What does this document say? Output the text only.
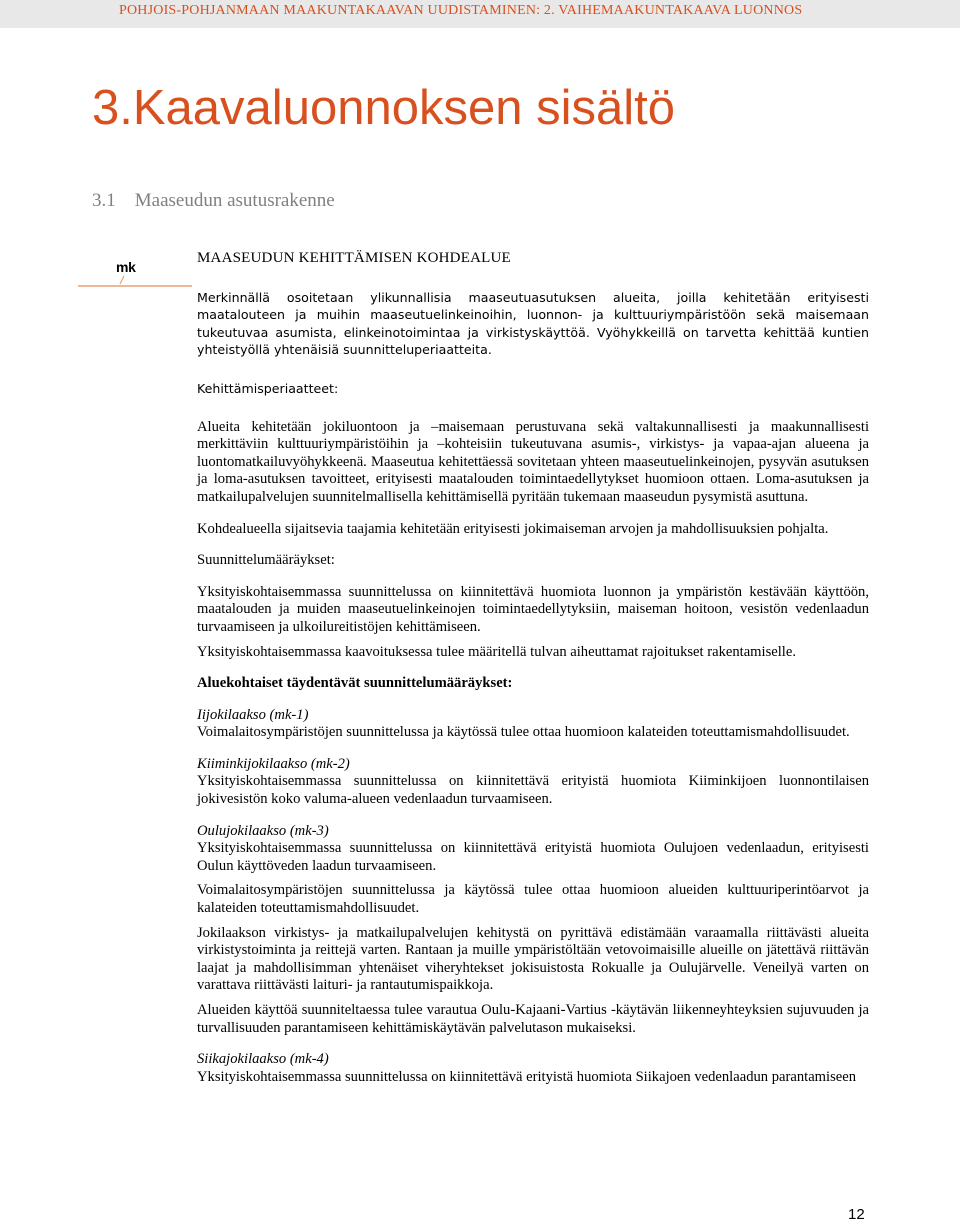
POHJOIS-POHJANMAAN MAAKUNTAKAAVAN UUDISTAMINEN: 2. VAIHEMAAKUNTAKAAVA LUONNOS
3.Kaavaluonnoksen sisältö
3.1 Maaseudun asutusrakenne
mk

MAASEUDUN KEHITTÄMISEN KOHDEALUE

Merkinnällä osoitetaan ylikunnallisia maaseutuasutuksen alueita, joilla kehitetään erityisesti maatalouteen ja muihin maaseutuelinkeinoihin, luonnon- ja kulttuuriympäristöön sekä maisemaan tukeutuvaa asumista, elinkeinotoimintaa ja virkistyskäyttöä. Vyöhykkeillä on tarvetta kehittää kuntien yhteistyöllä yhtenäisiä suunnitteluperiaatteita.

Kehittämisperiaatteet:

Alueita kehitetään jokiluontoon ja –maisemaan perustuvana sekä valtakunnallisesti ja maakunnallisesti merkittäviin kulttuuriympäristöihin ja –kohteisiin tukeutuvana asumis-, virkistys- ja vapaa-ajan alueena ja luontomatkailuvyöhykkeenä. Maaseutua kehitettäessä sovitetaan yhteen maaseutuelinkeinojen, pysyvän asutuksen ja loma-asutuksen tavoitteet, erityisesti maatalouden toimintaedellytykset huomioon ottaen. Loma-asutuksen ja matkailupalvelujen suunnitelmallisella kehittämisellä pyritään tukemaan maaseudun pysymistä asuttuna.

Kohdealueella sijaitsevia taajamia kehitetään erityisesti jokimaiseman arvojen ja mahdollisuuksien pohjalta.

Suunnittelumääräykset:

Yksityiskohtaisemmassa suunnittelussa on kiinnitettävä huomiota luonnon ja ympäristön kestävään käyttöön, maatalouden ja muiden maaseutuelinkeinojen toimintaedellytyksiin, maiseman hoitoon, vesistön vedenlaadun turvaamiseen ja ulkoilureitistöjen kehittämiseen.

Yksityiskohtaisemmassa kaavoituksessa tulee määritellä tulvan aiheuttamat rajoitukset rakentamiselle.

Aluekohtaiset täydentävät suunnittelumääräykset:

Iijokilaakso (mk-1)

Voimalaitosympäristöjen suunnittelussa ja käytössä tulee ottaa huomioon kalateiden toteuttamismahdollisuudet.

Kiiminkijokilaakso (mk-2)

Yksityiskohtaisemmassa suunnittelussa on kiinnitettävä erityistä huomiota Kiiminkijoen luonnontilaisen jokivesistön koko valuma-alueen vedenlaadun turvaamiseen.

Oulujokilaakso (mk-3)

Yksityiskohtaisemmassa suunnittelussa on kiinnitettävä erityistä huomiota Oulujoen vedenlaadun, erityisesti Oulun käyttöveden laadun turvaamiseen.

Voimalaitosympäristöjen suunnittelussa ja käytössä tulee ottaa huomioon alueiden kulttuuriperintöarvot ja kalateiden toteuttamismahdollisuudet.

Jokilaakson virkistys- ja matkailupalvelujen kehitystä on pyrittävä edistämään varaamalla riittävästi alueita virkistystoiminta ja reittejä varten. Rantaan ja muille ympäristöltään vetovoimaisille alueille on jätettävä riittävän laajat ja mahdollisimman yhtenäiset viheryhtekset jokisuistosta Rokualle ja Oulujärvelle. Veneilyä varten on varattava riittävästi laituri- ja rantautumispaikkoja.

Alueiden käyttöä suunniteltaessa tulee varautua Oulu-Kajaani-Vartius -käytävän liikenneyhteyksien sujuvuuden ja turvallisuuden parantamiseen kehittämiskäytävän palvelutason mukaiseksi.

Siikajokilaakso (mk-4)

Yksityiskohtaisemmassa suunnittelussa on kiinnitettävä erityistä huomiota Siikajoen vedenlaadun parantamiseen

12
